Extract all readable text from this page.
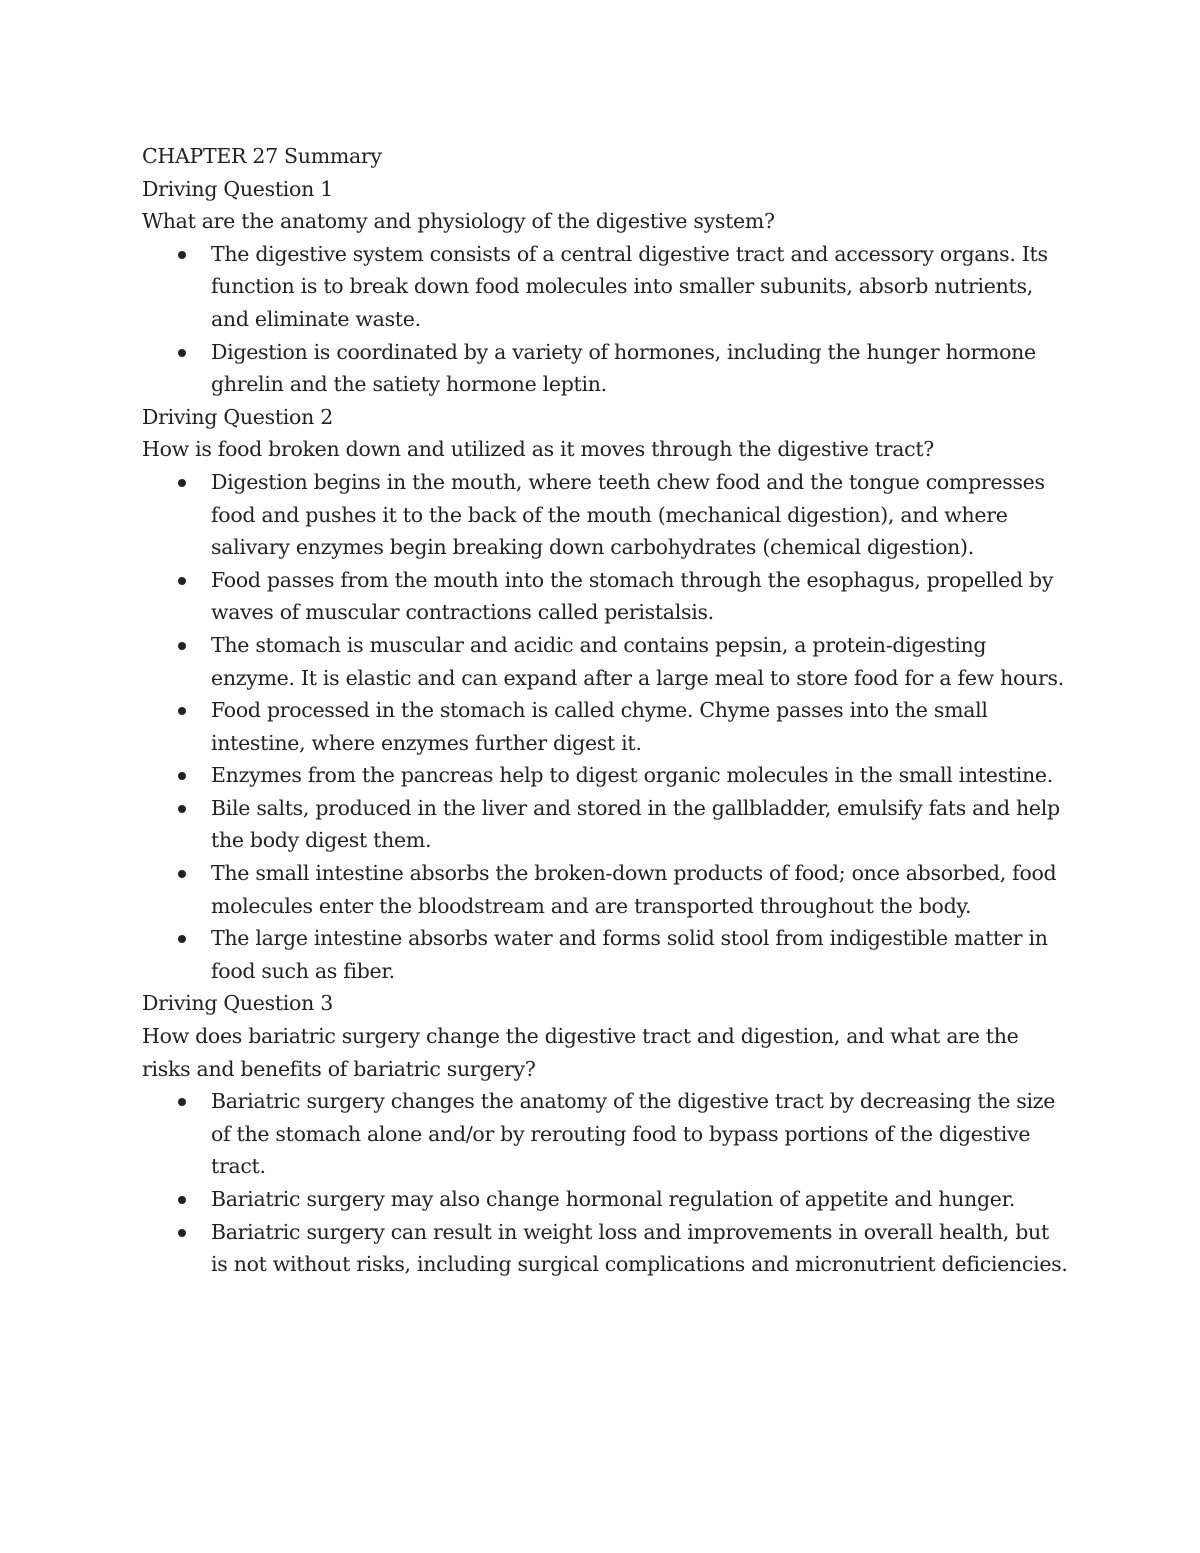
CHAPTER 27 Summary

Driving Question 1

What are the anatomy and physiology of the digestive system?

The digestive system consists of a central digestive tract and accessory organs. Its function is to break down food molecules into smaller subunits, absorb nutrients, and eliminate waste.
Digestion is coordinated by a variety of hormones, including the hunger hormone ghrelin and the satiety hormone leptin.

Driving Question 2

How is food broken down and utilized as it moves through the digestive tract?

Digestion begins in the mouth, where teeth chew food and the tongue compresses food and pushes it to the back of the mouth (mechanical digestion), and where salivary enzymes begin breaking down carbohydrates (chemical digestion).
Food passes from the mouth into the stomach through the esophagus, propelled by waves of muscular contractions called peristalsis.
The stomach is muscular and acidic and contains pepsin, a protein-digesting enzyme. It is elastic and can expand after a large meal to store food for a few hours.
Food processed in the stomach is called chyme. Chyme passes into the small intestine, where enzymes further digest it.
Enzymes from the pancreas help to digest organic molecules in the small intestine.
Bile salts, produced in the liver and stored in the gallbladder, emulsify fats and help the body digest them.
The small intestine absorbs the broken-down products of food; once absorbed, food molecules enter the bloodstream and are transported throughout the body.
The large intestine absorbs water and forms solid stool from indigestible matter in food such as fiber.

Driving Question 3

How does bariatric surgery change the digestive tract and digestion, and what are the risks and benefits of bariatric surgery?

Bariatric surgery changes the anatomy of the digestive tract by decreasing the size of the stomach alone and/or by rerouting food to bypass portions of the digestive tract.
Bariatric surgery may also change hormonal regulation of appetite and hunger.
Bariatric surgery can result in weight loss and improvements in overall health, but is not without risks, including surgical complications and micronutrient deficiencies.
